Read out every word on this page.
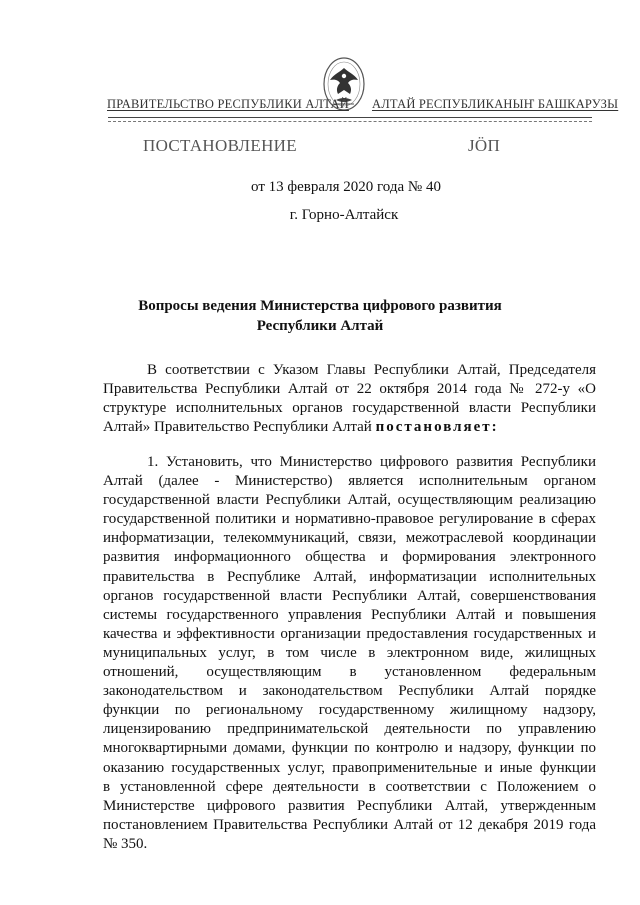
ПРАВИТЕЛЬСТВО РЕСПУБЛИКИ АЛТАЙ АЛТАЙ РЕСПУБЛИКАНЫҤ БАШКАРУЗЫ
ПОСТАНОВЛЕНИЕ	ЈӦП
от 13 февраля 2020 года № 40
г. Горно-Алтайск
Вопросы ведения Министерства цифрового развития
Республики Алтай
В соответствии с Указом Главы Республики Алтай, Председателя
Правительства Республики Алтай от 22 октября 2014 года № 272-у «О
структуре исполнительных органов государственной власти Республики
Алтай» Правительство Республики Алтай постановляет:
1. Установить, что Министерство цифрового развития Республики
Алтай (далее - Министерство) является исполнительным органом
государственной власти Республики Алтай, осуществляющим реализацию
государственной политики и нормативно-правовое регулирование в сферах
информатизации, телекоммуникаций, связи, межотраслевой координации
развития информационного общества и формирования электронного
правительства в Республике Алтай, информатизации исполнительных
органов государственной власти Республики Алтай, совершенствования
системы государственного управления Республики Алтай и повышения
качества и эффективности организации предоставления государственных и
муниципальных услуг, в том числе в электронном виде, жилищных
отношений, осуществляющим в установленном федеральным
законодательством и законодательством Республики Алтай порядке
функции по региональному государственному жилищному надзору,
лицензированию предпринимательской деятельности по управлению
многоквартирными домами, функции по контролю и надзору, функции по
оказанию государственных услуг, правоприменительные и иные функции
в установленной сфере деятельности в соответствии с Положением о
Министерстве цифрового развития Республики Алтай, утвержденным
постановлением Правительства Республики Алтай от 12 декабря 2019 года
№ 350.
